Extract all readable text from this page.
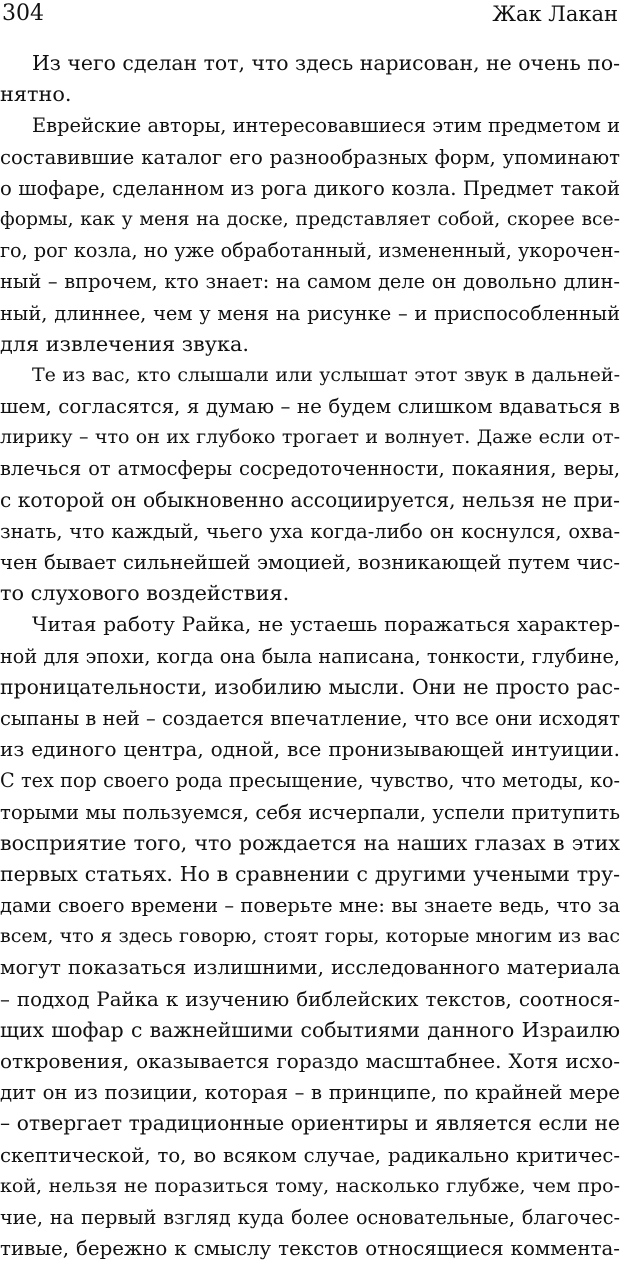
304	Жак Лакан
Из чего сделан тот, что здесь нарисован, не очень по-
нятно.
Еврейские авторы, интересовавшиеся этим предметом и
составившие каталог его разнообразных форм, упоминают
о шофаре, сделанном из рога дикого козла. Предмет такой
формы, как у меня на доске, представляет собой, скорее все-
го, рог козла, но уже обработанный, измененный, укорочен-
ный – впрочем, кто знает: на самом деле он довольно длин-
ный, длиннее, чем у меня на рисунке – и приспособленный
для извлечения звука.
Те из вас, кто слышали или услышат этот звук в дальней-
шем, согласятся, я думаю – не будем слишком вдаваться в
лирику – что он их глубоко трогает и волнует. Даже если от-
влечься от атмосферы сосредоточенности, покаяния, веры,
с которой он обыкновенно ассоциируется, нельзя не при-
знать, что каждый, чьего уха когда-либо он коснулся, охва-
чен бывает сильнейшей эмоцией, возникающей путем чис-
то слухового воздействия.
Читая работу Райка, не устаешь поражаться характер-
ной для эпохи, когда она была написана, тонкости, глубине,
проницательности, изобилию мысли. Они не просто рас-
сыпаны в ней – создается впечатление, что все они исходят
из единого центра, одной, все пронизывающей интуиции.
С тех пор своего рода пресыщение, чувство, что методы, ко-
торыми мы пользуемся, себя исчерпали, успели притупить
восприятие того, что рождается на наших глазах в этих
первых статьях. Но в сравнении с другими учеными тру-
дами своего времени – поверьте мне: вы знаете ведь, что за
всем, что я здесь говорю, стоят горы, которые многим из вас
могут показаться излишними, исследованного материала
– подход Райка к изучению библейских текстов, соотнося-
щих шофар с важнейшими событиями данного Израилю
откровения, оказывается гораздо масштабнее. Хотя исхо-
дит он из позиции, которая – в принципе, по крайней мере
– отвергает традиционные ориентиры и является если не
скептической, то, во всяком случае, радикально критичес-
кой, нельзя не поразиться тому, насколько глубже, чем про-
чие, на первый взгляд куда более основательные, благочес-
тивые, бережно к смыслу текстов относящиеся коммента-
